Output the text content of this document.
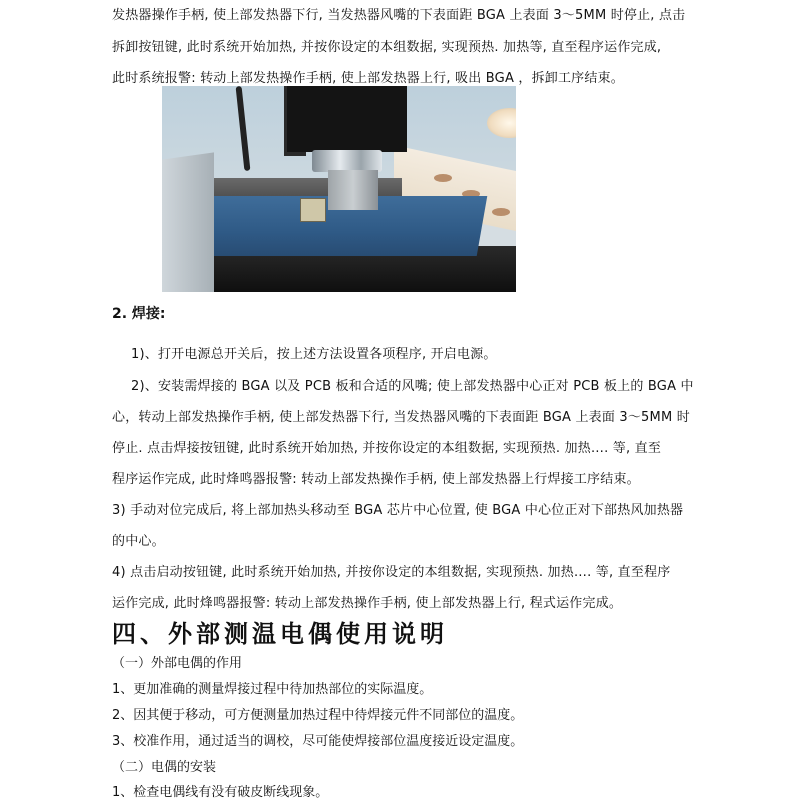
发热器操作手柄, 使上部发热器下行, 当发热器风嘴的下表面距 BGA 上表面 3～5MM 时停止, 点击
拆卸按钮键, 此时系统开始加热, 并按你设定的本组数据, 实现预热. 加热等, 直至程序运作完成,
此时系统报警: 转动上部发热操作手柄, 使上部发热器上行, 吸出 BGA ，拆卸工序结束。
2. 焊接:
1)、打开电源总开关后，按上述方法设置各项程序, 开启电源。
2)、安装需焊接的 BGA 以及 PCB 板和合适的风嘴; 使上部发热器中心正对 PCB 板上的 BGA 中
心，转动上部发热操作手柄, 使上部发热器下行, 当发热器风嘴的下表面距 BGA 上表面 3～5MM 时
停止. 点击焊接按钮键, 此时系统开始加热, 并按你设定的本组数据, 实现预热. 加热…. 等, 直至
程序运作完成, 此时烽鸣器报警: 转动上部发热操作手柄, 使上部发热器上行焊接工序结束。
3) 手动对位完成后, 将上部加热头移动至 BGA 芯片中心位置, 使 BGA 中心位正对下部热风加热器
的中心。
4) 点击启动按钮键, 此时系统开始加热, 并按你设定的本组数据, 实现预热. 加热…. 等, 直至程序
运作完成, 此时烽鸣器报警: 转动上部发热操作手柄, 使上部发热器上行, 程式运作完成。
四、外部测温电偶使用说明
（一）外部电偶的作用
1、更加准确的测量焊接过程中待加热部位的实际温度。
2、因其便于移动，可方便测量加热过程中待焊接元件不同部位的温度。
3、校准作用，通过适当的调校，尽可能使焊接部位温度接近设定温度。
（二）电偶的安装
1、检查电偶线有没有破皮断线现象。
